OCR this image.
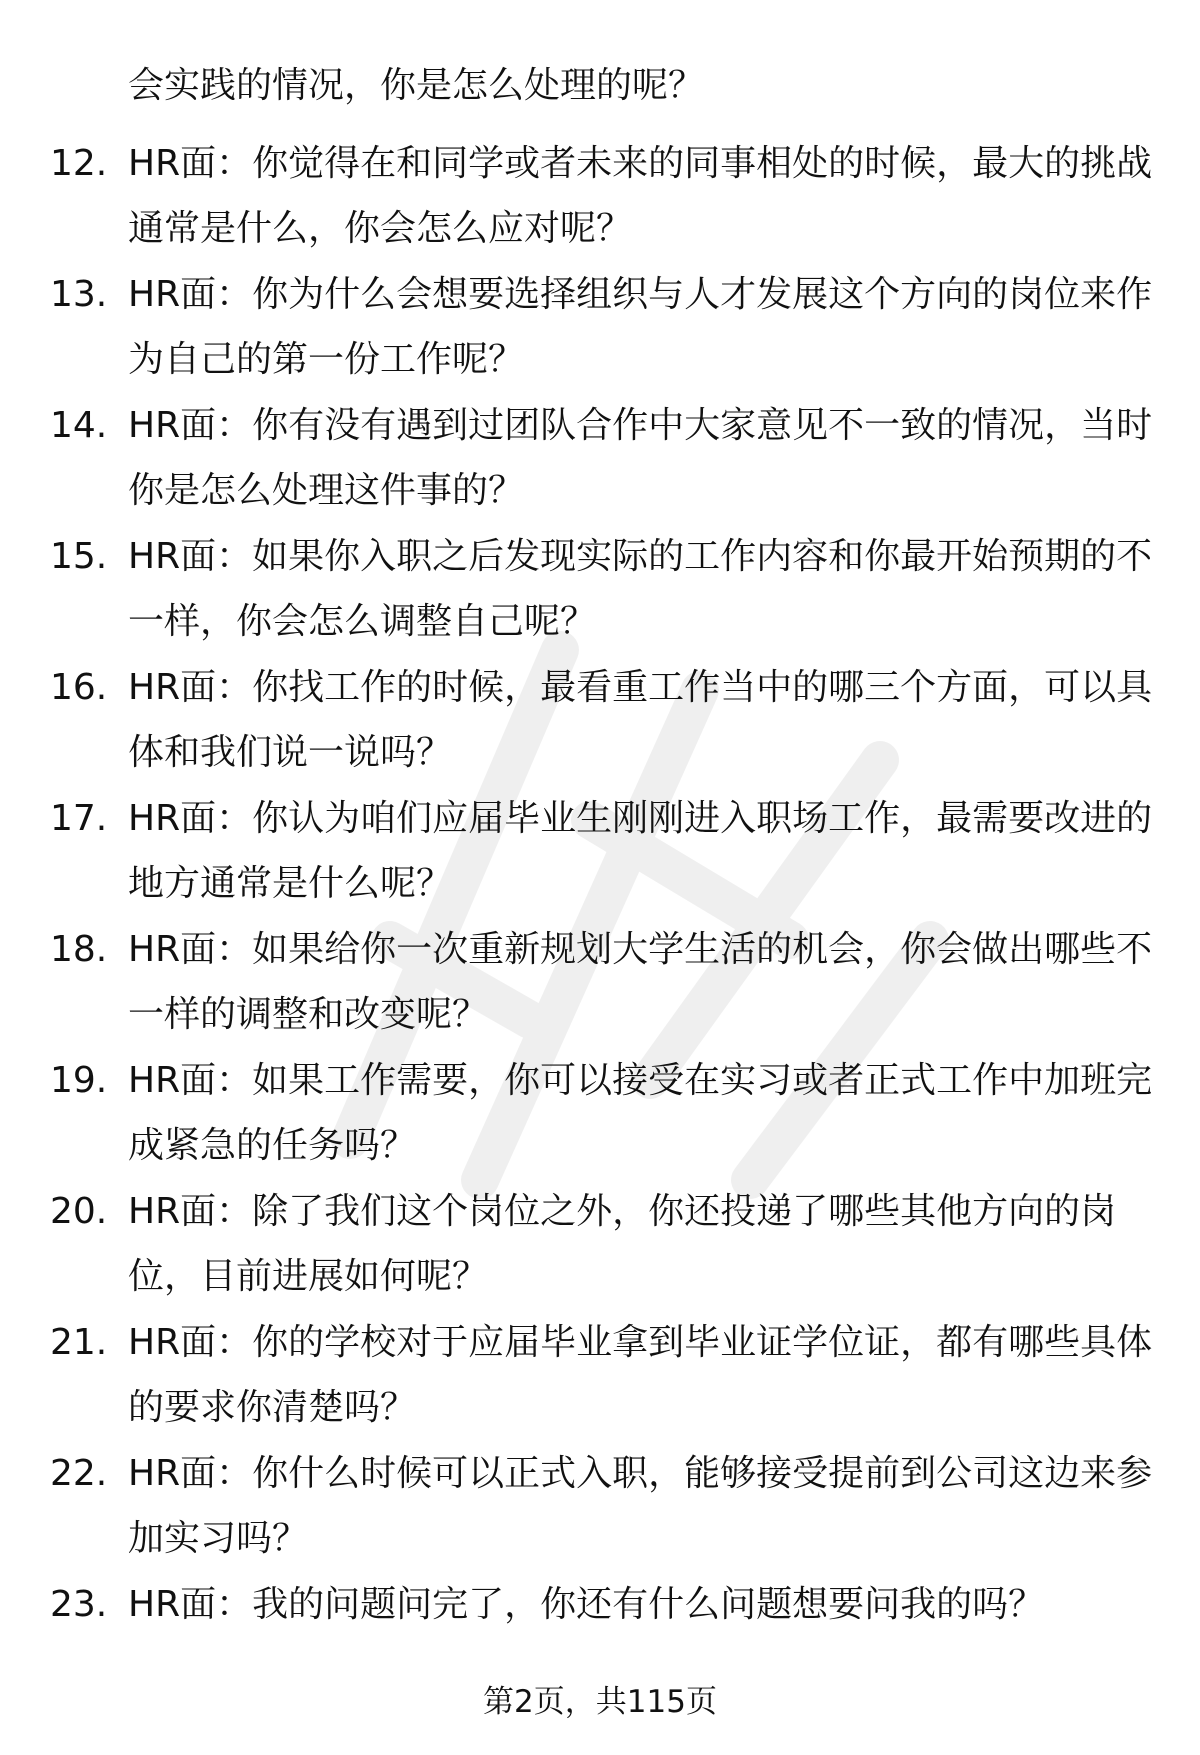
会实践的情况，你是怎么处理的呢？
12. HR面：你觉得在和同学或者未来的同事相处的时候，最大的挑战
通常是什么，你会怎么应对呢？
13. HR面：你为什么会想要选择组织与人才发展这个方向的岗位来作
为自己的第一份工作呢？
14. HR面：你有没有遇到过团队合作中大家意见不一致的情况，当时
你是怎么处理这件事的？
15. HR面：如果你入职之后发现实际的工作内容和你最开始预期的不
一样，你会怎么调整自己呢？
16. HR面：你找工作的时候，最看重工作当中的哪三个方面，可以具
体和我们说一说吗？
17. HR面：你认为咱们应届毕业生刚刚进入职场工作，最需要改进的
地方通常是什么呢？
18. HR面：如果给你一次重新规划大学生活的机会，你会做出哪些不
一样的调整和改变呢？
19. HR面：如果工作需要，你可以接受在实习或者正式工作中加班完
成紧急的任务吗？
20. HR面：除了我们这个岗位之外，你还投递了哪些其他方向的岗
位，目前进展如何呢？
21. HR面：你的学校对于应届毕业拿到毕业证学位证，都有哪些具体
的要求你清楚吗？
22. HR面：你什么时候可以正式入职，能够接受提前到公司这边来参
加实习吗？
23. HR面：我的问题问完了，你还有什么问题想要问我的吗？
第2页，共115页
